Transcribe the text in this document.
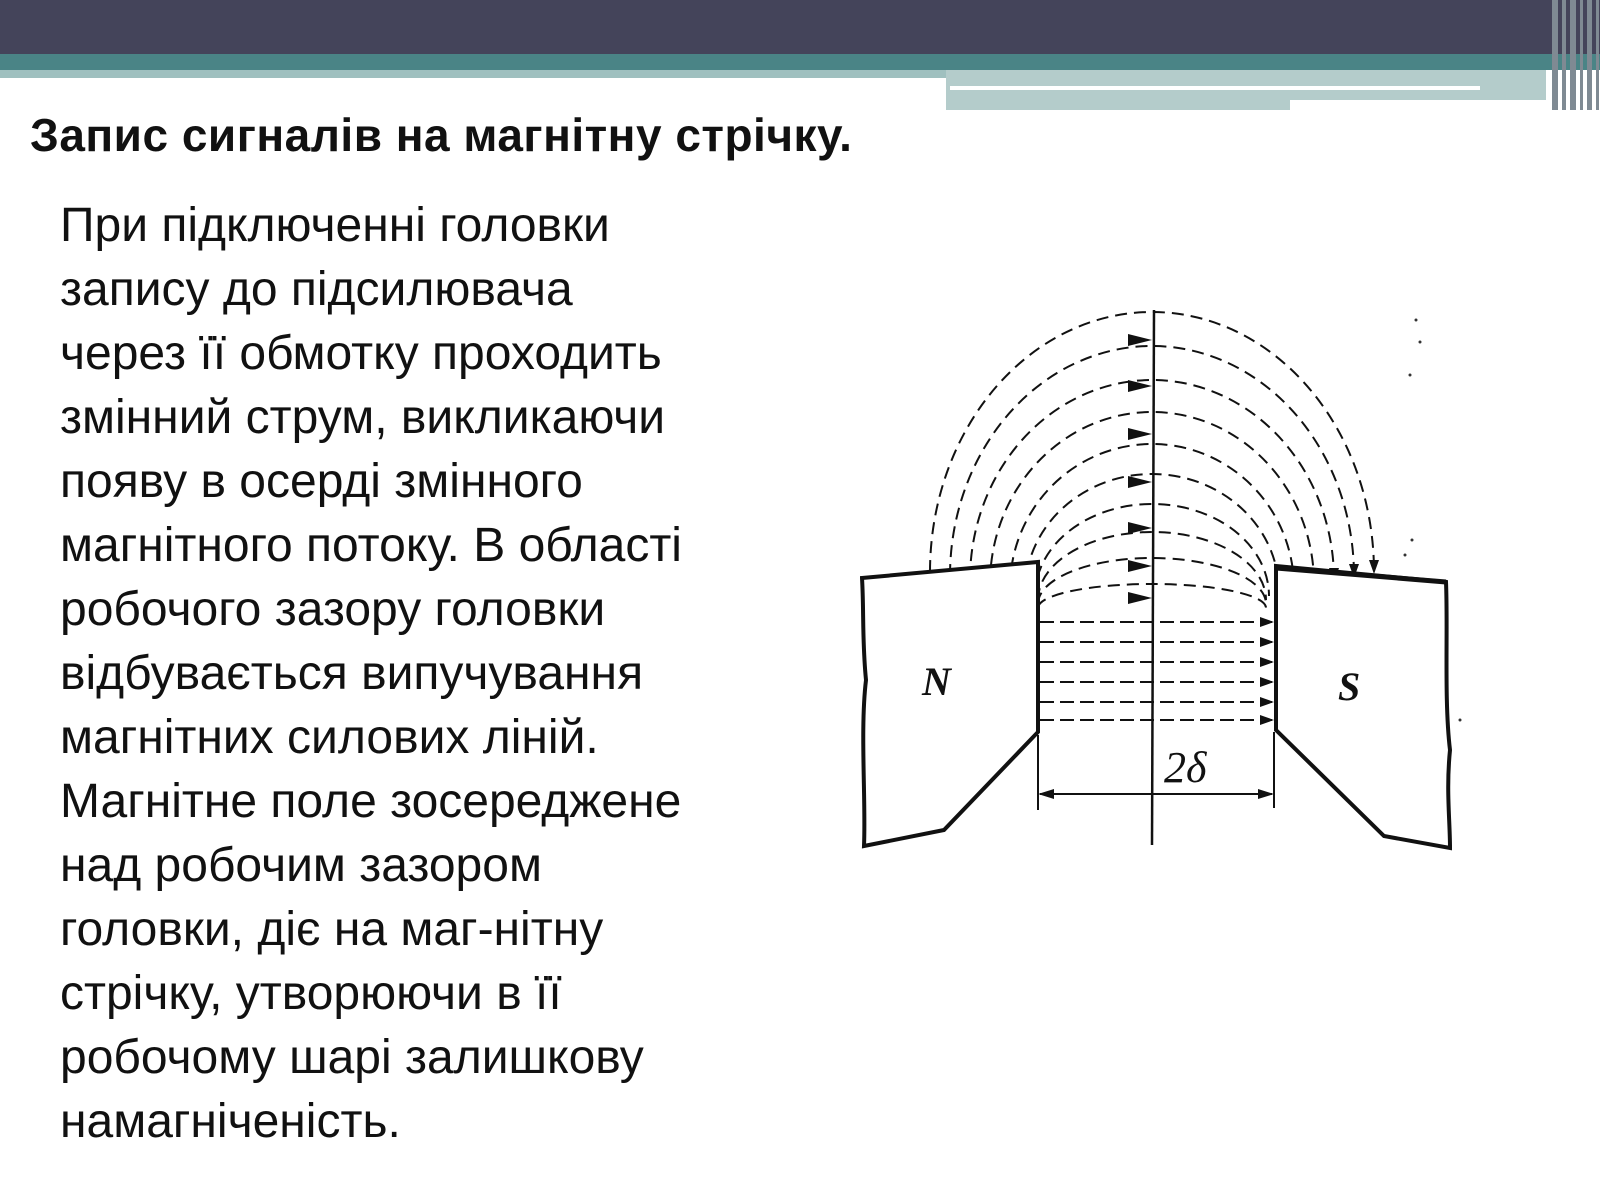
Запис сигналів на магнітну стрічку.
При підключенні головки
запису до підсилювача
через її обмотку проходить
змінний струм, викликаючи
появу в осерді змінного
магнітного потоку. В області
робочого зазору головки
відбувається випучування
магнітних силових ліній.
Магнітне поле зосереджене
над робочим зазором
головки, діє на маг-нітну
стрічку, утворюючи в її
робочому шарі залишкову
намагніченість.
N	S
2δ
